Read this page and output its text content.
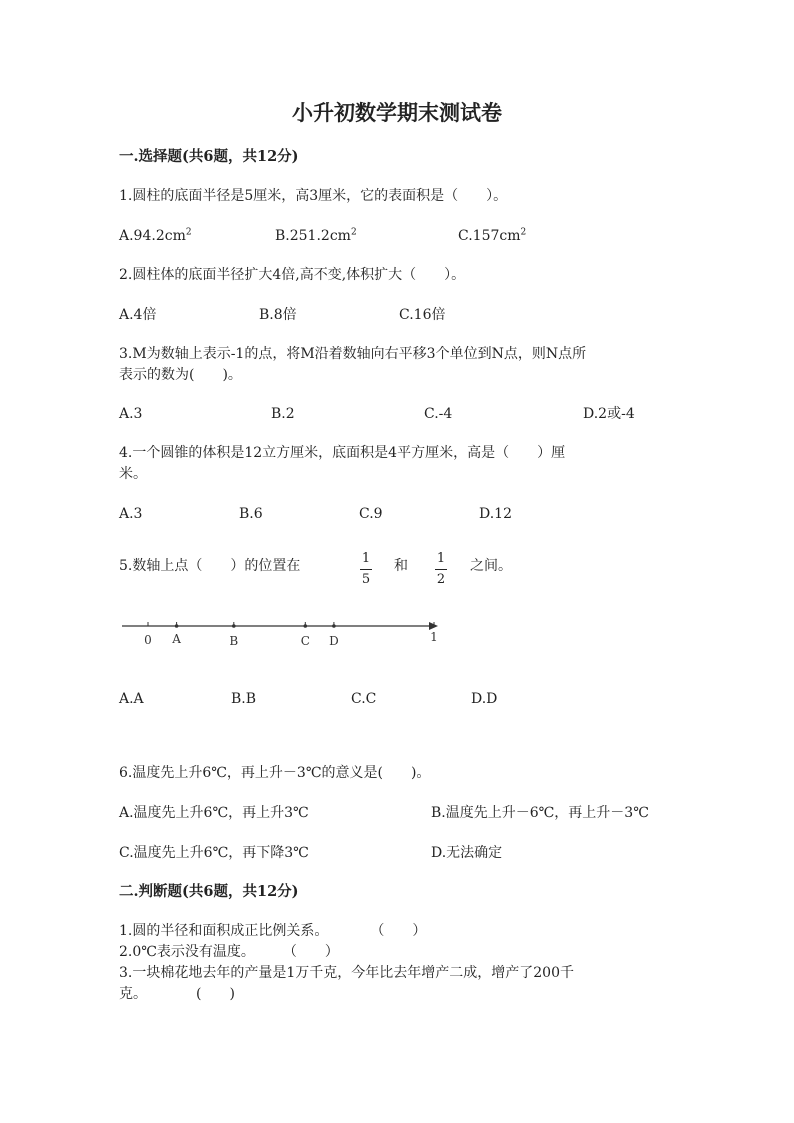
小升初数学期末测试卷
一.选择题(共6题，共12分)
1.圆柱的底面半径是5厘米，高3厘米，它的表面积是（　　）。
$A.94.2cm^2$	$B.251.2cm^2$	$C.157cm^2$
2.圆柱体的底面半径扩大4倍,高不变,体积扩大（　　）。
A.4倍	B.8倍	C.16倍
3.M为数轴上表示-1的点，将M沿着数轴向右平移3个单位到N点，则N点所
表示的数为(　　)。
A.3	B.2	C.-4	D.2或-4
4.一个圆锥的体积是12立方厘米，底面积是4平方厘米，高是（　　）厘
米。
A.3	B.6	C.9	D.12
5.数轴上点（　　）的位置在	1
5
和	1
2
之间。
0	1
A	B	C D
A.A	B.B	C.C	D.D
6.温度先上升6℃，再上升－3℃的意义是(　　)。
A.温度先上升6℃，再上升3℃	B.温度先上升－6℃，再上升－3℃
C.温度先上升6℃，再下降3℃	D.无法确定
二.判断题(共6题，共12分)
1.圆的半径和面积成正比例关系。　　　　（　　）
2.0℃表示没有温度。　　　（　　）
3.一块棉花地去年的产量是1万千克，今年比去年增产二成，增产了200千
克。　　　　(　　)
